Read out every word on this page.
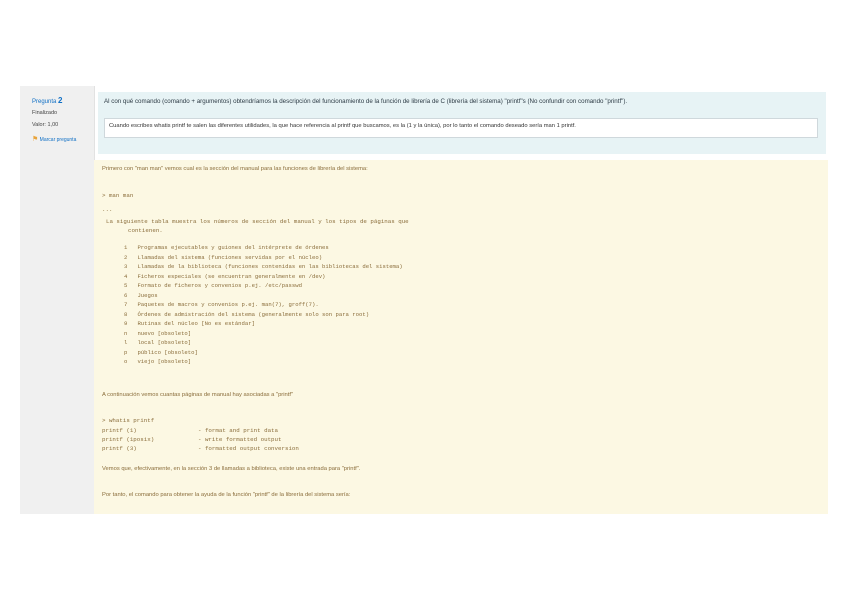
Pregunta 2
Finalizado
Valor: 1,00
⚑ Marcar pregunta
Al con qué comando (comando + argumentos) obtendríamos la descripción del funcionamiento de la función de librería de C (librería del sistema) "printf"s (No confundir con comando "printf").
Cuando escribes whatis printf te salen las diferentes utilidades, la que hace referencia al printf que buscamos, es la (1 y la única), por lo tanto el comando deseado sería man 1 printf.
Primero con "man man" vemos cual es la sección del manual para las funciones de librería del sistema:
> man man
...
La siguiente tabla muestra los números de sección del manual y los tipos de páginas que
contienen.
1 Programas ejecutables y guiones del intérprete de órdenes
2 Llamadas del sistema (funciones servidas por el núcleo)
3 Llamadas de la biblioteca (funciones contenidas en las bibliotecas del sistema)
4 Ficheros especiales (se encuentran generalmente en /dev)
5 Formato de ficheros y convenios p.ej. /etc/passwd
6 Juegos
7 Paquetes de macros y convenios p.ej. man(7), groff(7).
8 Órdenes de admistración del sistema (generalmente solo son para root)
9 Rutinas del núcleo [No es estándar]
n nuevo [obsoleto]
l local [obsoleto]
p público [obsoleto]
o viejo [obsoleto]
A continuación vemos cuantas páginas de manual hay asociadas a "printf"
> whatis printf
printf (1)	- format and print data
printf (1posix)	- write formatted output
printf (3)	- formatted output conversion
Vemos que, efectivamente, en la sección 3 de llamadas a biblioteca, existe una entrada para "printf".
Por tanto, el comando para obtener la ayuda de la función "printf" de la librería del sistema sería:
